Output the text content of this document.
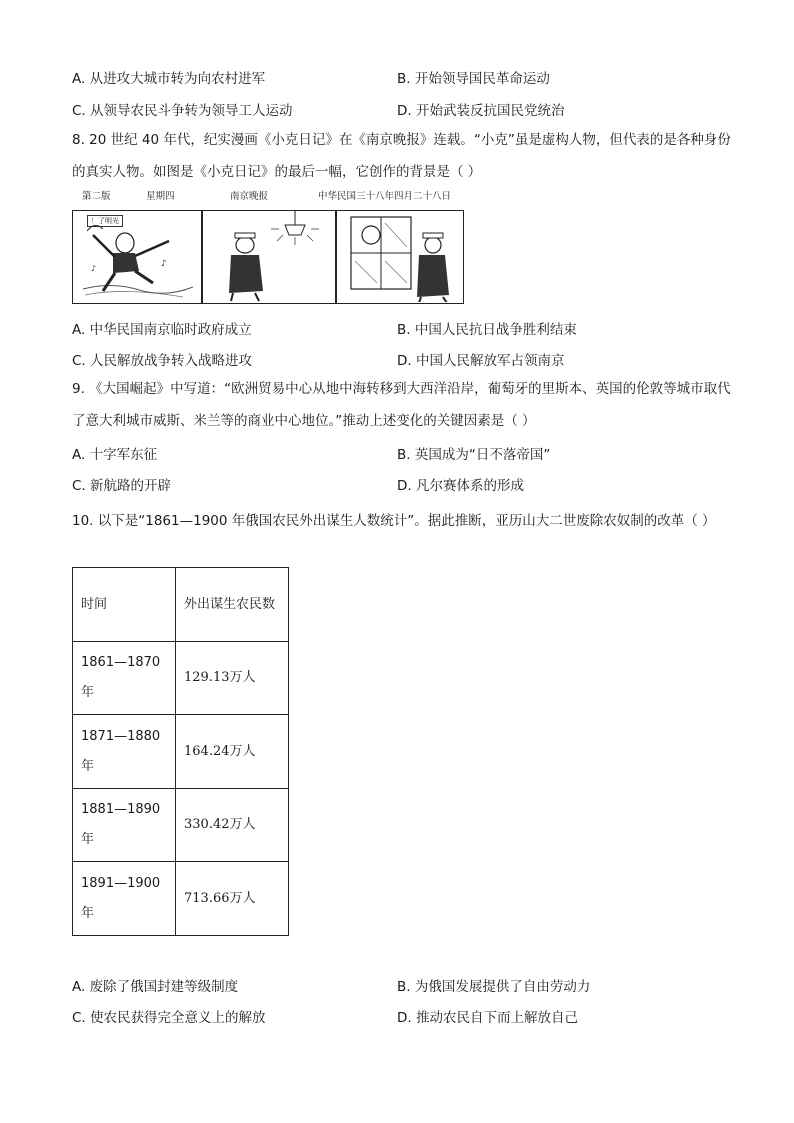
A. 从进攻大城市转为向农村进军	B. 开始领导国民革命运动
C. 从领导农民斗争转为领导工人运动	D. 开始武装反抗国民党统治
8. 20 世纪 40 年代，纪实漫画《小克日记》在《南京晚报》连载。“小克”虽是虚构人物，但代表的是各种身份的真实人物。如图是《小克日记》的最后一幅，它创作的背景是（ ）
第二版	星期四	南京晚报	中华民国三十八年四月二十八日
！了明光
♪
♪
A. 中华民国南京临时政府成立	B. 中国人民抗日战争胜利结束
C. 人民解放战争转入战略进攻	D. 中国人民解放军占领南京
9. 《大国崛起》中写道：“欧洲贸易中心从地中海转移到大西洋沿岸，葡萄牙的里斯本、英国的伦敦等城市取代了意大利城市威斯、米兰等的商业中心地位。”推动上述变化的关键因素是（ ）
A. 十字军东征	B. 英国成为“日不落帝国”
C. 新航路的开辟	D. 凡尔赛体系的形成
10. 以下是“1861—1900 年俄国农民外出谋生人数统计”。据此推断，亚历山大二世废除农奴制的改革（ ）
时间	外出谋生农民数
1861—1870年	129.13万人
1871—1880年	164.24万人
1881—1890年	330.42万人
1891—1900年	713.66万人
A. 废除了俄国封建等级制度	B. 为俄国发展提供了自由劳动力
C. 使农民获得完全意义上的解放	D. 推动农民自下而上解放自己
